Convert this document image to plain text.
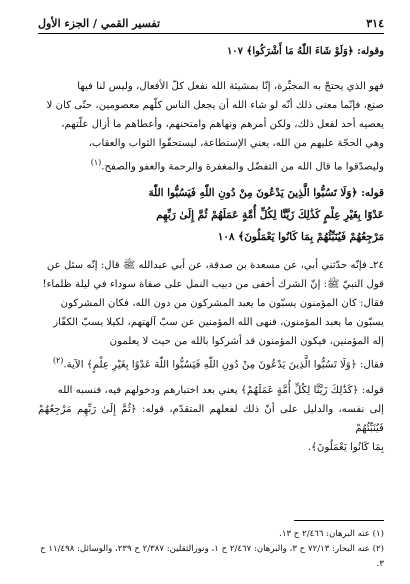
٣١٤
تفسير القمي / الجزء الأول
وقوله: ﴿وَلَوْ شَاءَ اللّٰهُ مَا أَشْرَكُوا﴾ ١٠٧
فهو الذي يحتجّ به المجبِّرة، إنّا بمشيئة الله نفعل كلّ الأفعال، وليس لنا فيها
صنع، فإنّما معنى ذلك أنّه لو شاء الله أن يجعل الناس كلّهم معصومين، حتّى كان لا
يعصيه أحد لفعل ذلك، ولكن أمرهم ونهاهم وامتحنهم، وأعطاهم ما أزال علّتهم،
وهي الحجّة عليهم من الله، يعني الإستطاعة، ليستحقّوا الثواب والعقاب،
وليصدّقوا ما قال الله من التفضّل والمغفرة والرحمة والعفو والصفح.$^{(١)}$
قوله: ﴿وَلَا تَسُبُّوا الَّذِينَ يَدْعُونَ مِنْ دُونِ اللّٰهِ فَيَسُبُّوا اللّٰهَ
عَدْوًا بِغَيْرِ عِلْمٍ كَذَٰلِكَ زَيَّنَّا لِكُلِّ أُمَّةٍ عَمَلَهُمْ ثُمَّ إِلَىٰ رَبِّهِم
مَرْجِعُهُمْ فَيُنَبِّئُهُمْ بِمَا كَانُوا يَعْمَلُونَ﴾ ١٠٨
٢٤ـ فإنّه حدّثني أبي، عن مسعدة بن صدقة، عن أبي عبدالله ﷺ قال: إنّه سئل عن
قول النبيّ ﷺ: إنّ الشرك أخفى من دبيب النمل على صفاة سوداء في ليلة ظلماء!
فقال: كان المؤمنون يسبّون ما يعبد المشركون من دون الله، فكان المشركون
يسبّون ما يعبد المؤمنون، فنهى الله المؤمنين عن سبّ آلهتهم، لكيلا يسبّ الكفّار
إله المؤمنين، فيكون المؤمنون قد أشركوا بالله من حيث لا يعلمون
فقال: ﴿وَلَا تَسُبُّوا الَّذِينَ يَدْعُونَ مِنْ دُونِ اللّٰهِ فَيَسُبُّوا اللّٰهَ عَدْوًا بِغَيْرِ عِلْمٍ﴾ الآية.$^{(٢)}$
قوله: ﴿كَذَٰلِكَ زَيَّنَّا لِكُلِّ أُمَّةٍ عَمَلَهُمْ﴾ يعني بعد اختبارهم ودخولهم فيه، فنسبه الله
إلى نفسه، والدليل على أنّ ذلك لفعلهم المتقدّم، قوله: ﴿ثُمَّ إِلَىٰ رَبِّهِم مَرْجِعُهُمْ فَيُنَبِّئُهُمْ
بِمَا كَانُوا يَعْمَلُونَ﴾.

(١) عنه البرهان: ٢/٤٦٦ ح ١٣.

(٢) عنه البحار: ٧٢/١٣ ح ٣، والبرهان: ٢/٤٦٧ ح ١، ونورالثقلين: ٢/٣٨٧ ح ٢٣٩، والوسائل: ١١/٤٩٨ ح ٣.
